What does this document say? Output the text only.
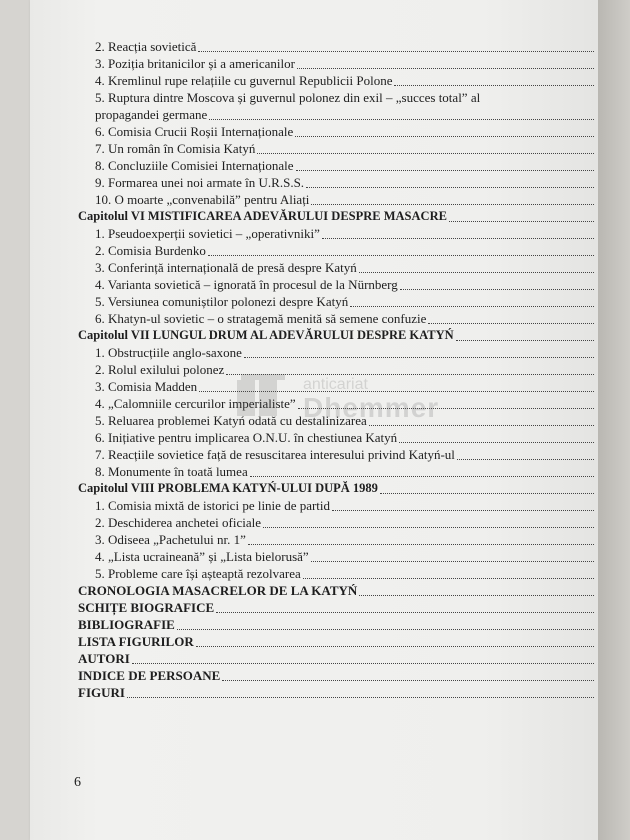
2. Reacția sovietică
3. Poziția britanicilor și a americanilor
4. Kremlinul rupe relațiile cu guvernul Republicii Polone
5. Ruptura dintre Moscova și guvernul polonez din exil – „succes total” al
propagandei germane
6. Comisia Crucii Roșii Internaționale
7. Un român în Comisia Katyń
8. Concluziile Comisiei Internaționale
9. Formarea unei noi armate în U.R.S.S.
10. O moarte „convenabilă” pentru Aliați
Capitolul VI MISTIFICAREA ADEVĂRULUI DESPRE MASACRE
1. Pseudoexperții sovietici – „operativniki”
2. Comisia Burdenko
3. Conferință internațională de presă despre Katyń
4. Varianta sovietică – ignorată în procesul de la Nürnberg
5. Versiunea comuniștilor polonezi despre Katyń
6. Khatyn-ul sovietic – o stratagemă menită să semene confuzie
Capitolul VII LUNGUL DRUM AL ADEVĂRULUI DESPRE KATYŃ
1. Obstrucțiile anglo-saxone
2. Rolul exilului polonez
3. Comisia Madden
4. „Calomniile cercurilor imperialiste”
5. Reluarea problemei Katyń odată cu destalinizarea
6. Inițiative pentru implicarea O.N.U. în chestiunea Katyń
7. Reacțiile sovietice față de resuscitarea interesului privind Katyń-ul
8. Monumente în toată lumea
Capitolul VIII PROBLEMA KATYŃ-ULUI DUPĂ 1989
1. Comisia mixtă de istorici pe linie de partid
2. Deschiderea anchetei oficiale
3. Odiseea „Pachetului nr. 1”
4. „Lista ucraineană” și „Lista bielorusă”
5. Probleme care își așteaptă rezolvarea
CRONOLOGIA MASACRELOR DE LA KATYŃ
SCHIȚE BIOGRAFICE
BIBLIOGRAFIE
LISTA FIGURILOR
AUTORI
INDICE DE PERSOANE
FIGURI
anticariat
Dhemmer
6
